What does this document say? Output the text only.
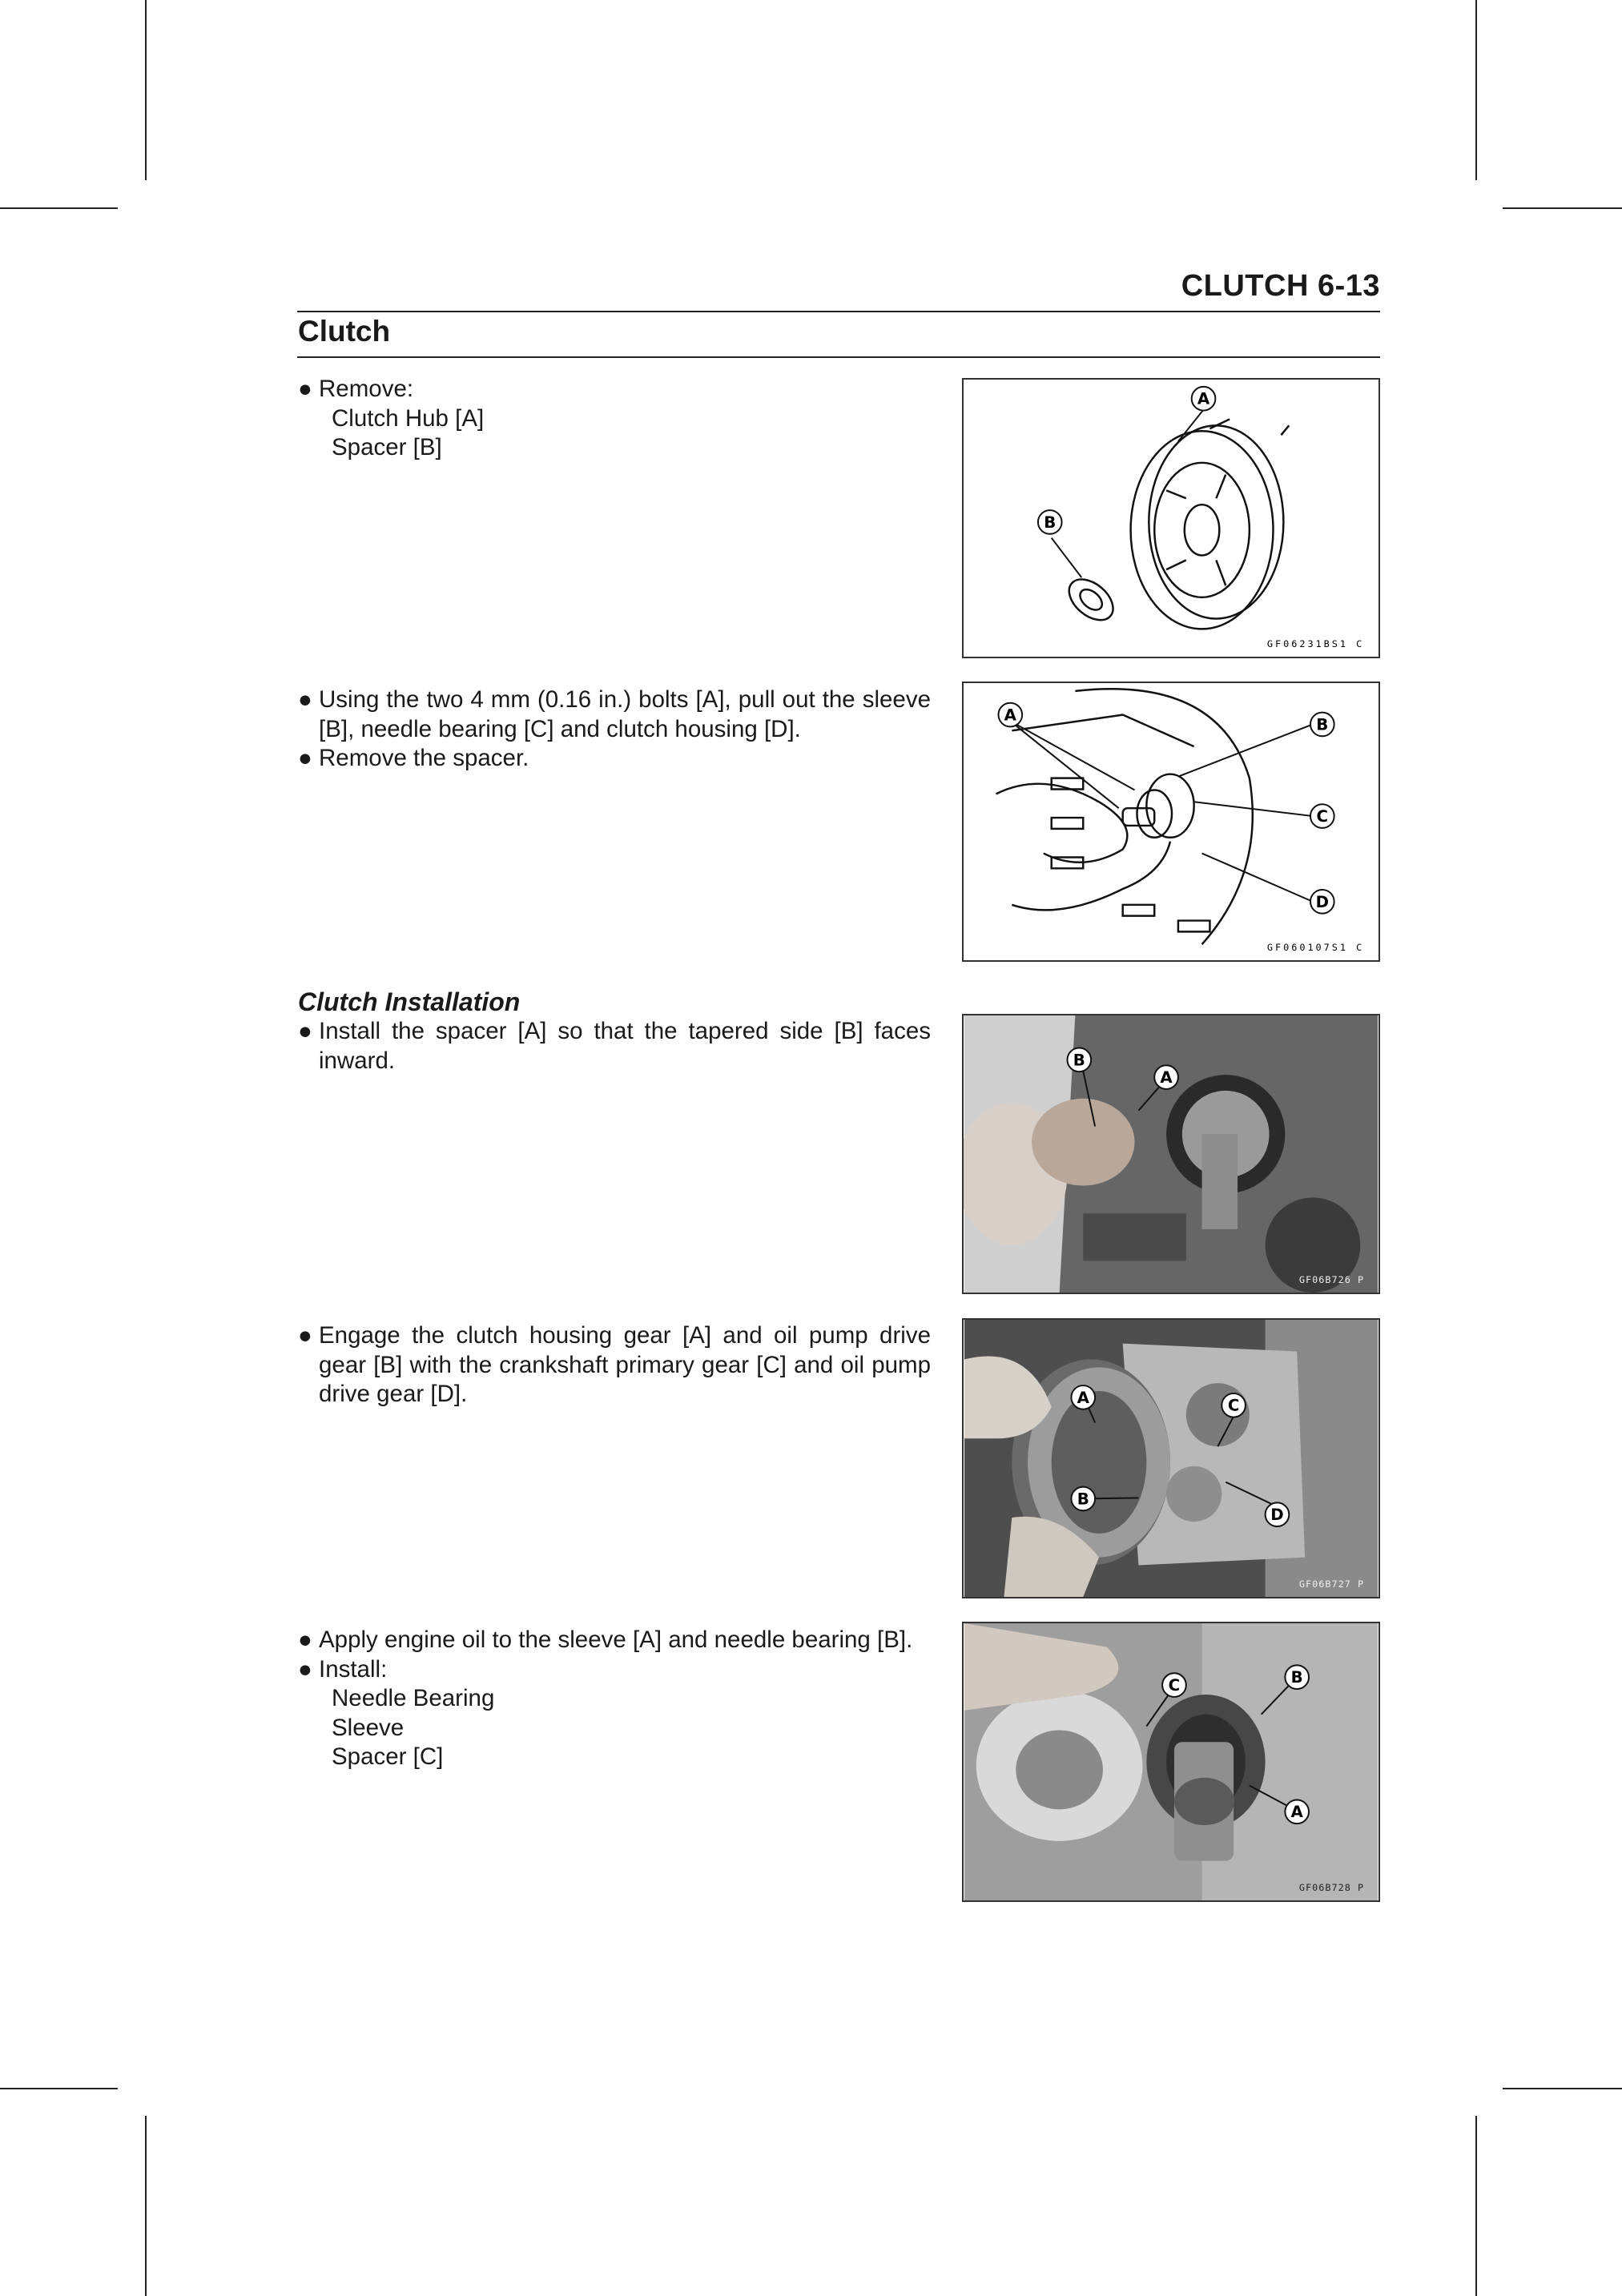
CLUTCH 6-13
Clutch
● Remove:
Clutch Hub [A]
Spacer [B]
● Using the two 4 mm (0.16 in.) bolts [A], pull out the sleeve [B], needle bearing [C] and clutch housing [D].
● Remove the spacer.
Clutch Installation
● Install the spacer [A] so that the tapered side [B] faces inward.
● Engage the clutch housing gear [A] and oil pump drive gear [B] with the crankshaft primary gear [C] and oil pump drive gear [D].
● Apply engine oil to the sleeve [A] and needle bearing [B].
● Install:
Needle Bearing
Sleeve
Spacer [C]
A
B
GF06231BS1 C
A
B
C
D
GF060107S1 C
B
A
GF06B726 P
A	C
B
D
GF06B727 P
C	B
A
GF06B728 P
